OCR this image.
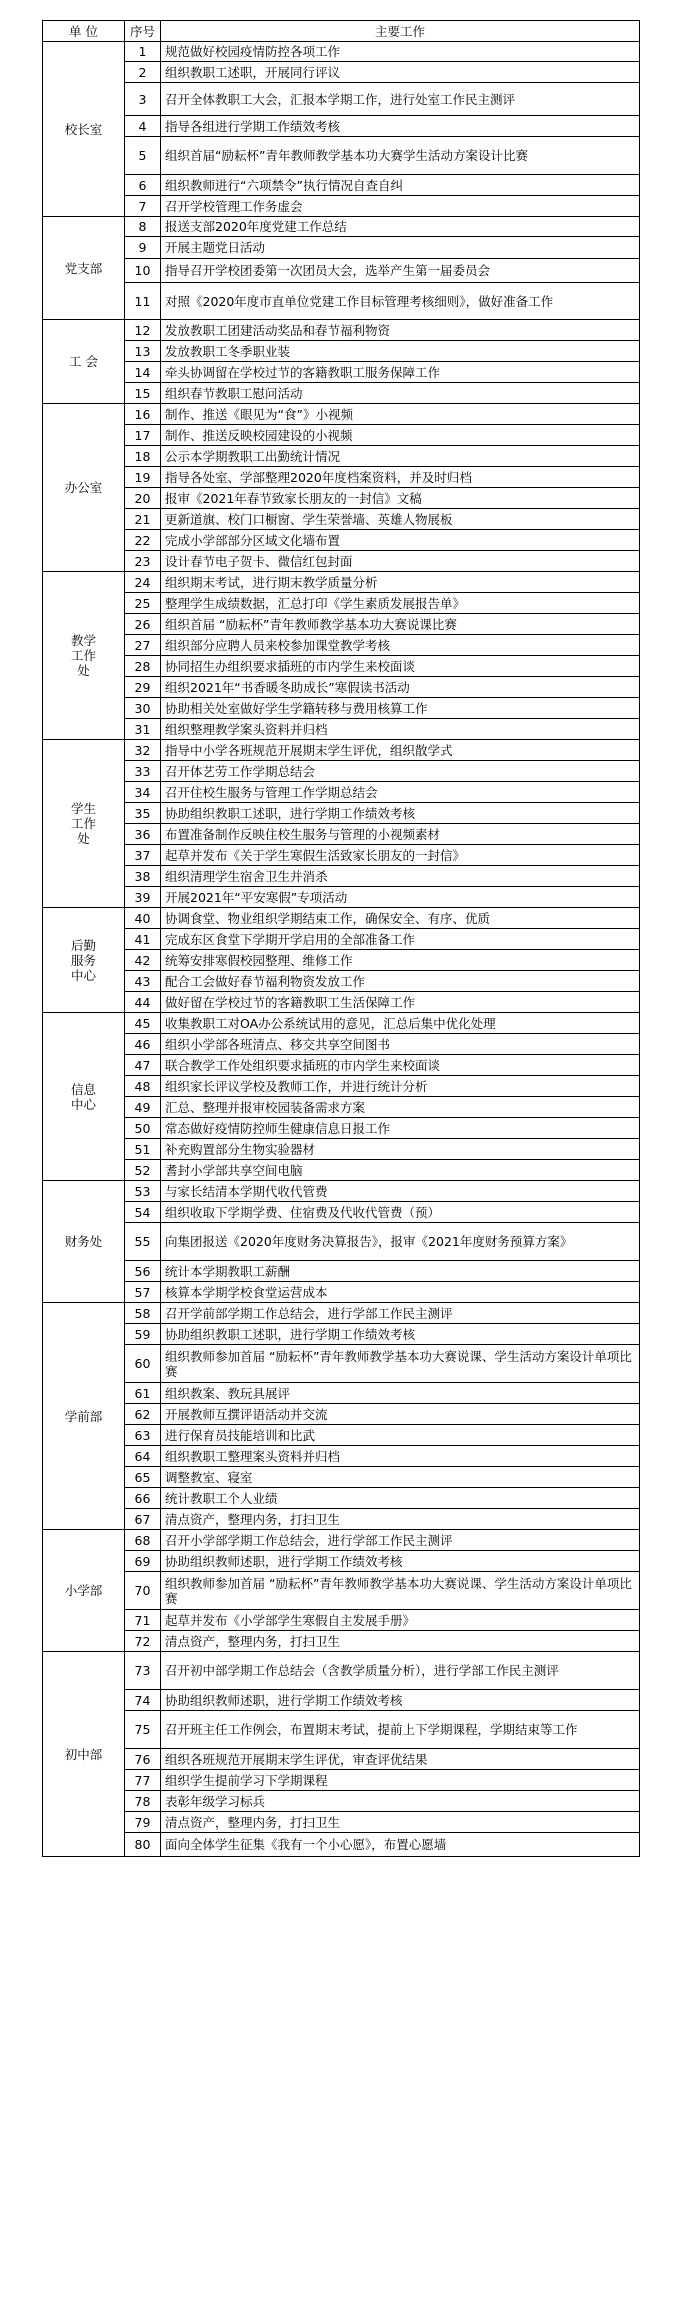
单 位	序号	主要工作
校长室	1	规范做好校园疫情防控各项工作
	2	组织教职工述职，开展同行评议
	3	召开全体教职工大会，汇报本学期工作，进行处室工作民主测评
	4	指导各组进行学期工作绩效考核
	5	组织首届“励耘杯”青年教师教学基本功大赛学生活动方案设计比赛
	6	组织教师进行“六项禁令”执行情况自查自纠
	7	召开学校管理工作务虚会
党支部	8	报送支部2020年度党建工作总结
	9	开展主题党日活动
	10	指导召开学校团委第一次团员大会，选举产生第一届委员会
	11	对照《2020年度市直单位党建工作目标管理考核细则》，做好准备工作
工 会	12	发放教职工团建活动奖品和春节福利物资
	13	发放教职工冬季职业装
	14	牵头协调留在学校过节的客籍教职工服务保障工作
	15	组织春节教职工慰问活动
办公室	16	制作、推送《眼见为“食”》小视频
	17	制作、推送反映校园建设的小视频
	18	公示本学期教职工出勤统计情况
	19	指导各处室、学部整理2020年度档案资料，并及时归档
	20	报审《2021年春节致家长朋友的一封信》文稿
	21	更新道旗、校门口橱窗、学生荣誉墙、英雄人物展板
	22	完成小学部部分区域文化墙布置
	23	设计春节电子贺卡、微信红包封面
教学工作处	24	组织期末考试，进行期末教学质量分析
	25	整理学生成绩数据，汇总打印《学生素质发展报告单》
	26	组织首届 “励耘杯”青年教师教学基本功大赛说课比赛
	27	组织部分应聘人员来校参加课堂教学考核
	28	协同招生办组织要求插班的市内学生来校面谈
	29	组织2021年“书香暖冬助成长”寒假读书活动
	30	协助相关处室做好学生学籍转移与费用核算工作
	31	组织整理教学案头资料并归档
学生工作处	32	指导中小学各班规范开展期末学生评优，组织散学式
	33	召开体艺劳工作学期总结会
	34	召开住校生服务与管理工作学期总结会
	35	协助组织教职工述职，进行学期工作绩效考核
	36	布置准备制作反映住校生服务与管理的小视频素材
	37	起草并发布《关于学生寒假生活致家长朋友的一封信》
	38	组织清理学生宿舍卫生并消杀
	39	开展2021年“平安寒假”专项活动
后勤服务中心	40	协调食堂、物业组织学期结束工作，确保安全、有序、优质
	41	完成东区食堂下学期开学启用的全部准备工作
	42	统筹安排寒假校园整理、维修工作
	43	配合工会做好春节福利物资发放工作
	44	做好留在学校过节的客籍教职工生活保障工作
信息中心	45	收集教职工对OA办公系统试用的意见，汇总后集中优化处理
	46	组织小学部各班清点、移交共享空间图书
	47	联合教学工作处组织要求插班的市内学生来校面谈
	48	组织家长评议学校及教师工作，并进行统计分析
	49	汇总、整理并报审校园装备需求方案
	50	常态做好疫情防控师生健康信息日报工作
	51	补充购置部分生物实验器材
	52	耆封小学部共享空间电脑
财务处	53	与家长结清本学期代收代管费
	54	组织收取下学期学费、住宿费及代收代管费（预）
	55	向集团报送《2020年度财务决算报告》，报审《2021年度财务预算方案》
	56	统计本学期教职工薪酬
	57	核算本学期学校食堂运营成本
学前部	58	召开学前部学期工作总结会，进行学部工作民主测评
	59	协助组织教职工述职，进行学期工作绩效考核
	60	组织教师参加首届 “励耘杯”青年教师教学基本功大赛说课、学生活动方案设计单项比赛
	61	组织教案、教玩具展评
	62	开展教师互撰评语活动并交流
	63	进行保育员技能培训和比武
	64	组织教职工整理案头资料并归档
	65	调整教室、寝室
	66	统计教职工个人业绩
	67	清点资产，整理内务，打扫卫生
小学部	68	召开小学部学期工作总结会，进行学部工作民主测评
	69	协助组织教师述职，进行学期工作绩效考核
	70	组织教师参加首届 “励耘杯”青年教师教学基本功大赛说课、学生活动方案设计单项比赛
	71	起草并发布《小学部学生寒假自主发展手册》
	72	清点资产，整理内务，打扫卫生
初中部	73	召开初中部学期工作总结会（含教学质量分析），进行学部工作民主测评
	74	协助组织教师述职，进行学期工作绩效考核
	75	召开班主任工作例会，布置期末考试，提前上下学期课程，学期结束等工作
	76	组织各班规范开展期末学生评优，审查评优结果
	77	组织学生提前学习下学期课程
	78	表彰年级学习标兵
	79	清点资产，整理内务，打扫卫生
	80	面向全体学生征集《我有一个小心愿》，布置心愿墙
